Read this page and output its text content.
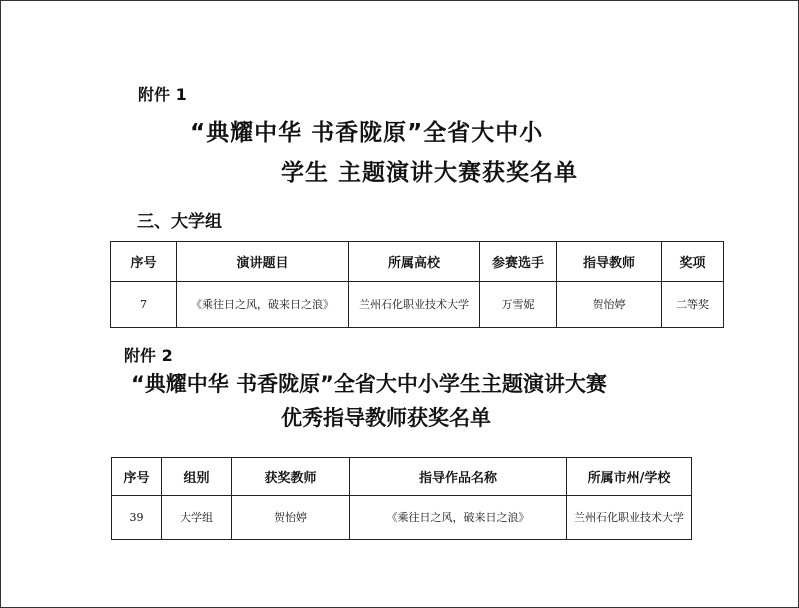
附件 1
“典耀中华 书香陇原”全省大中小
学生 主题演讲大赛获奖名单
三、大学组
序号	演讲题目	所属高校	参赛选手	指导教师	奖项
7	《乘往日之风，破来日之浪》	兰州石化职业技术大学	万雪妮	贺怡婷	二等奖
附件 2
“典耀中华 书香陇原”全省大中小学生主题演讲大赛
优秀指导教师获奖名单
序号	组别	获奖教师	指导作品名称	所属市州/学校
39	大学组	贺怡婷	《乘往日之风，破来日之浪》	兰州石化职业技术大学
